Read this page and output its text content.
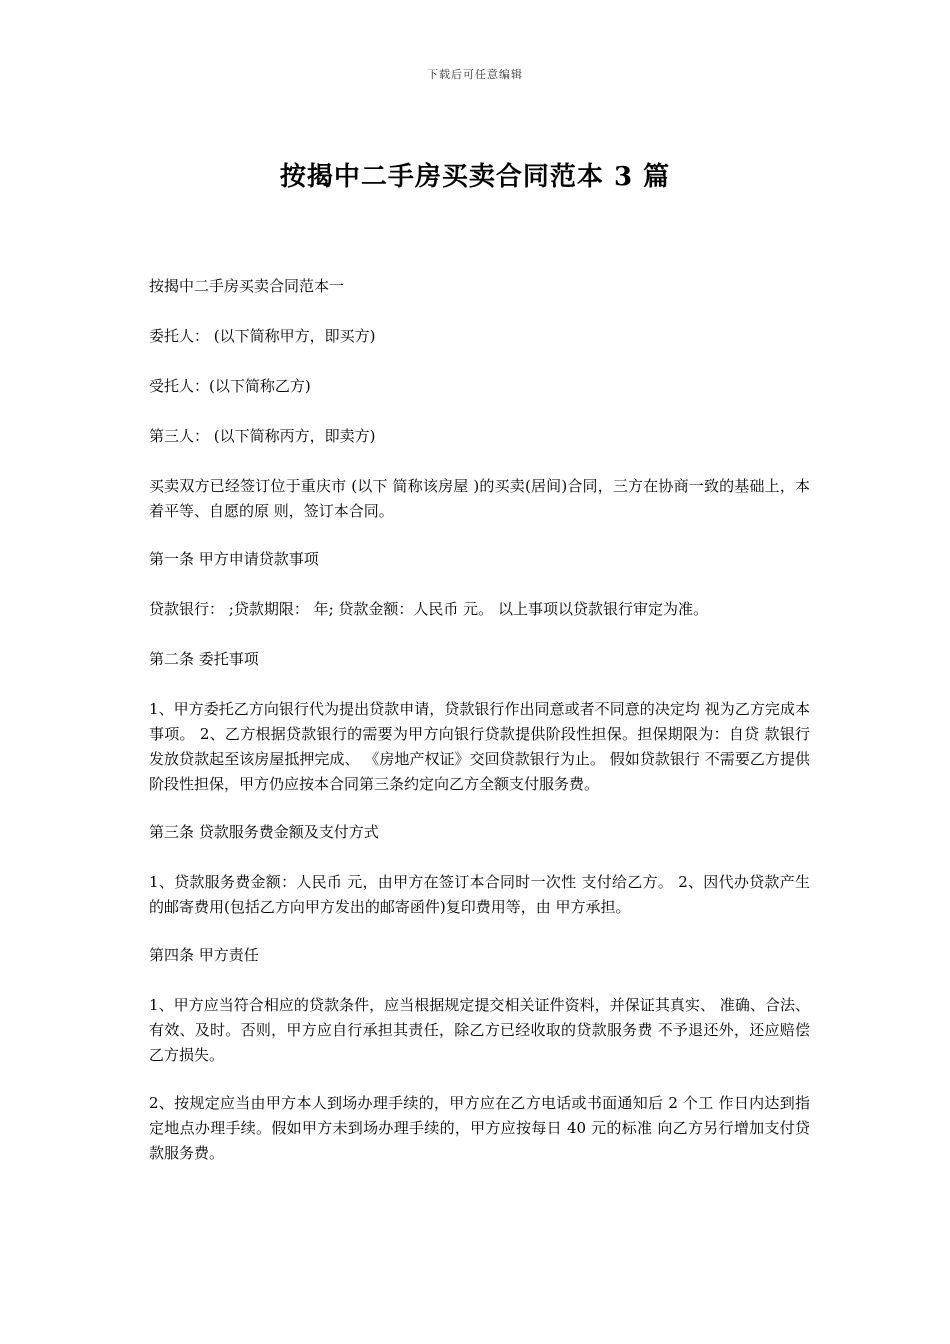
下载后可任意编辑
按揭中二手房买卖合同范本 3 篇

按揭中二手房买卖合同范本一

委托人： (以下简称甲方，即买方)

受托人：(以下简称乙方)

第三人： (以下简称丙方，即卖方)

买卖双方已经签订位于重庆市 (以下 简称该房屋 )的买卖(居间)合同，三方在协商一致的基础上，本着平等、自愿的原 则，签订本合同。

第一条 甲方申请贷款事项

贷款银行： ;贷款期限： 年; 贷款金额：人民币 元。 以上事项以贷款银行审定为准。

第二条 委托事项

1、甲方委托乙方向银行代为提出贷款申请，贷款银行作出同意或者不同意的决定均 视为乙方完成本事项。 2、乙方根据贷款银行的需要为甲方向银行贷款提供阶段性担保。担保期限为：自贷 款银行发放贷款起至该房屋抵押完成、 《房地产权证》交回贷款银行为止。 假如贷款银行 不需要乙方提供阶段性担保，甲方仍应按本合同第三条约定向乙方全额支付服务费。

第三条 贷款服务费金额及支付方式

1、贷款服务费金额：人民币 元，由甲方在签订本合同时一次性 支付给乙方。 2、因代办贷款产生的邮寄费用(包括乙方向甲方发出的邮寄函件)复印费用等，由 甲方承担。

第四条 甲方责任

1、甲方应当符合相应的贷款条件，应当根据规定提交相关证件资料，并保证其真实、 准确、合法、有效、及时。否则，甲方应自行承担其责任，除乙方已经收取的贷款服务费 不予退还外，还应赔偿乙方损失。

2、按规定应当由甲方本人到场办理手续的，甲方应在乙方电话或书面通知后 2 个工 作日内达到指定地点办理手续。假如甲方未到场办理手续的，甲方应按每日 40 元的标准 向乙方另行增加支付贷款服务费。
